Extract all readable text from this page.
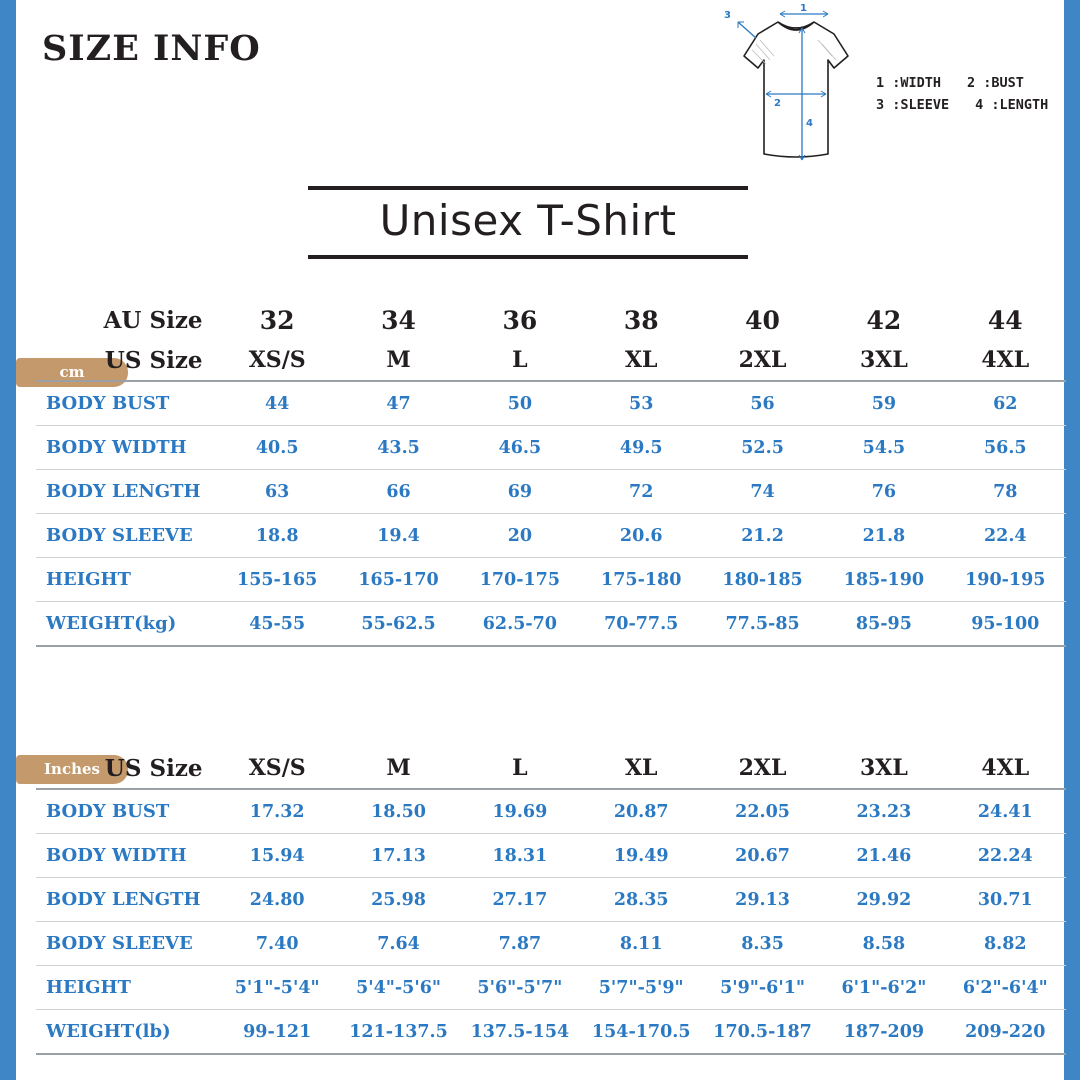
SIZE INFO
1
2
3
4
1 :WIDTH 2 :BUST
3 :SLEEVE 4 :LENGTH
Unisex T-Shirt
cm
AU Size	32	34	36	38	40	42	44
US Size	XS/S	M	L	XL	2XL	3XL	4XL
BODY BUST	44	47	50	53	56	59	62
BODY WIDTH	40.5	43.5	46.5	49.5	52.5	54.5	56.5
BODY LENGTH	63	66	69	72	74	76	78
BODY SLEEVE	18.8	19.4	20	20.6	21.2	21.8	22.4
HEIGHT	155-165	165-170	170-175	175-180	180-185	185-190	190-195
WEIGHT(kg)	45-55	55-62.5	62.5-70	70-77.5	77.5-85	85-95	95-100
Inches US Size	XS/S	M	L	XL	2XL	3XL	4XL
BODY BUST	17.32	18.50	19.69	20.87	22.05	23.23	24.41
BODY WIDTH	15.94	17.13	18.31	19.49	20.67	21.46	22.24
BODY LENGTH	24.80	25.98	27.17	28.35	29.13	29.92	30.71
BODY SLEEVE	7.40	7.64	7.87	8.11	8.35	8.58	8.82
HEIGHT	5'1"-5'4"	5'4"-5'6"	5'6"-5'7"	5'7"-5'9"	5'9"-6'1"	6'1"-6'2"	6'2"-6'4"
WEIGHT(lb)	99-121	121-137.5	137.5-154	154-170.5	170.5-187	187-209	209-220
